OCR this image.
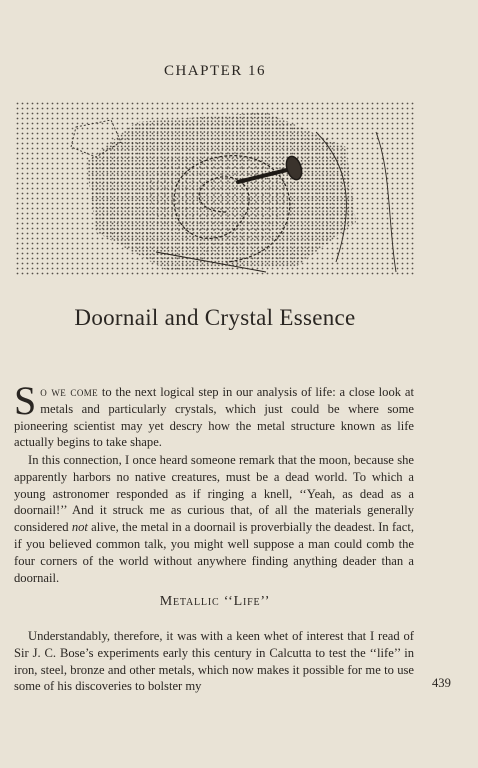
CHAPTER 16
Doornail and Crystal Essence
So we come to the next logical step in our analysis of life: a close look at metals and particularly crystals, which just could be where some pioneering scientist may yet descry how the metal structure known as life actually begins to take shape.
In this connection, I once heard someone remark that the moon, because she apparently harbors no native creatures, must be a dead world. To which a young astronomer responded as if ringing a knell, ‘‘Yeah, as dead as a doornail!’’ And it struck me as curious that, of all the materials generally considered not alive, the metal in a doornail is proverbially the deadest. In fact, if you believed common talk, you might well suppose a man could comb the four corners of the world without anywhere finding anything deader than a doornail.
Metallic ‘‘Life’’
Understandably, therefore, it was with a keen whet of interest that I read of Sir J. C. Bose’s experiments early this century in Calcutta to test the ‘‘life’’ in iron, steel, bronze and other metals, which now makes it possible for me to use some of his discoveries to bolster my	439
